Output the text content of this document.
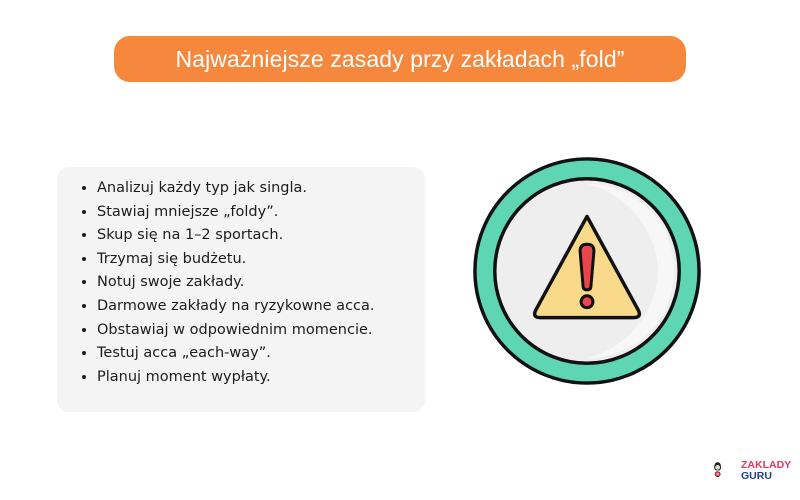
Najważniejsze zasady przy zakładach „fold”
• Analizuj każdy typ jak singla.
• Stawiaj mniejsze „foldy”.
• Skup się na 1–2 sportach.
• Trzymaj się budżetu.
• Notuj swoje zakłady.
• Darmowe zakłady na ryzykowne acca.
• Obstawiaj w odpowiednim momencie.
• Testuj acca „each-way”.
• Planuj moment wypłaty.
ZAKLADY
GURU
